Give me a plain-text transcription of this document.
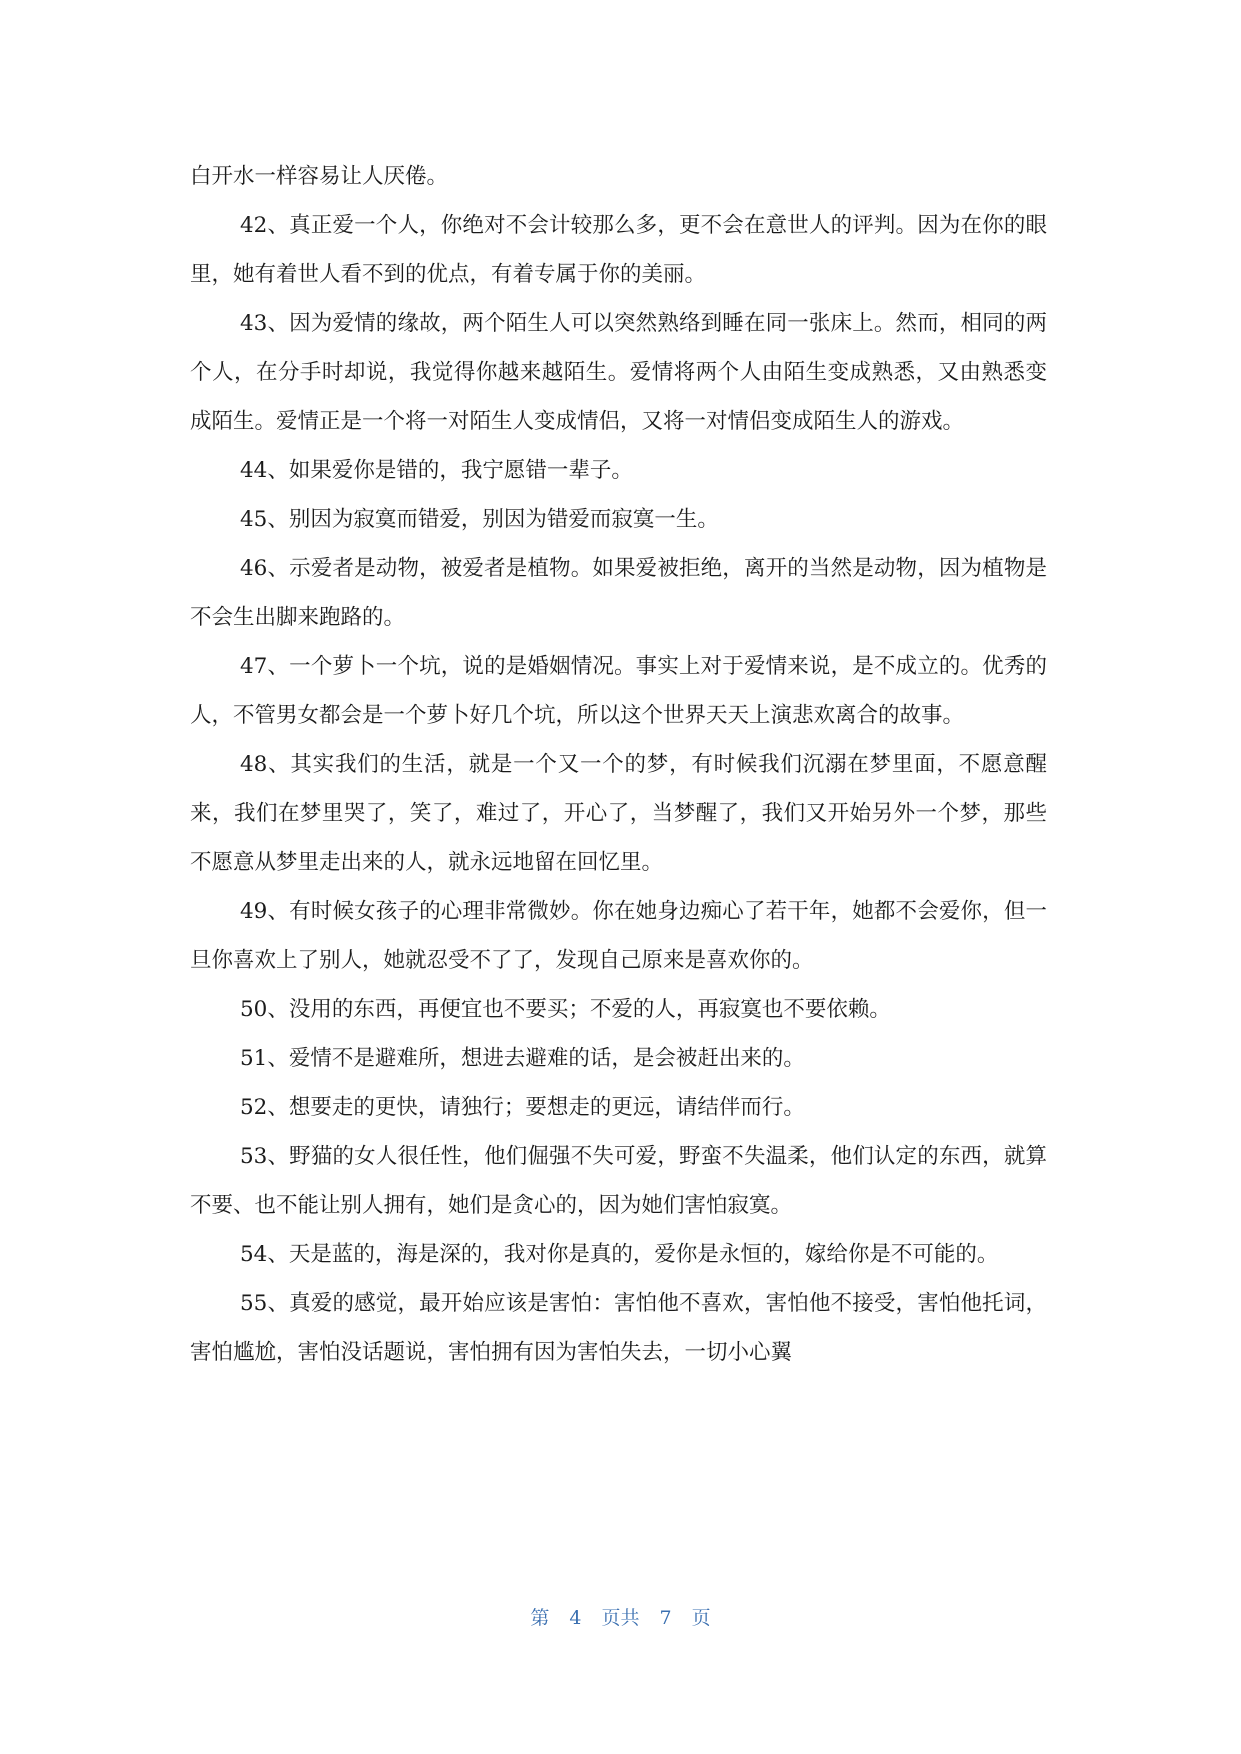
白开水一样容易让人厌倦。

42、真正爱一个人，你绝对不会计较那么多，更不会在意世人的评判。因为在你的眼里，她有着世人看不到的优点，有着专属于你的美丽。

43、因为爱情的缘故，两个陌生人可以突然熟络到睡在同一张床上。然而，相同的两个人，在分手时却说，我觉得你越来越陌生。爱情将两个人由陌生变成熟悉，又由熟悉变成陌生。爱情正是一个将一对陌生人变成情侣，又将一对情侣变成陌生人的游戏。

44、如果爱你是错的，我宁愿错一辈子。

45、别因为寂寞而错爱，别因为错爱而寂寞一生。

46、示爱者是动物，被爱者是植物。如果爱被拒绝，离开的当然是动物，因为植物是不会生出脚来跑路的。

47、一个萝卜一个坑，说的是婚姻情况。事实上对于爱情来说，是不成立的。优秀的人，不管男女都会是一个萝卜好几个坑，所以这个世界天天上演悲欢离合的故事。

48、其实我们的生活，就是一个又一个的梦，有时候我们沉溺在梦里面，不愿意醒来，我们在梦里哭了，笑了，难过了，开心了，当梦醒了，我们又开始另外一个梦，那些不愿意从梦里走出来的人，就永远地留在回忆里。

49、有时候女孩子的心理非常微妙。你在她身边痴心了若干年，她都不会爱你，但一旦你喜欢上了别人，她就忍受不了了，发现自己原来是喜欢你的。

50、没用的东西，再便宜也不要买；不爱的人，再寂寞也不要依赖。

51、爱情不是避难所，想进去避难的话，是会被赶出来的。

52、想要走的更快，请独行；要想走的更远，请结伴而行。

53、野猫的女人很任性，他们倔强不失可爱，野蛮不失温柔，他们认定的东西，就算不要、也不能让别人拥有，她们是贪心的，因为她们害怕寂寞。

54、天是蓝的，海是深的，我对你是真的，爱你是永恒的，嫁给你是不可能的。

55、真爱的感觉，最开始应该是害怕：害怕他不喜欢，害怕他不接受，害怕他托词，害怕尴尬，害怕没话题说，害怕拥有因为害怕失去，一切小心翼

第 4 页共 7 页
